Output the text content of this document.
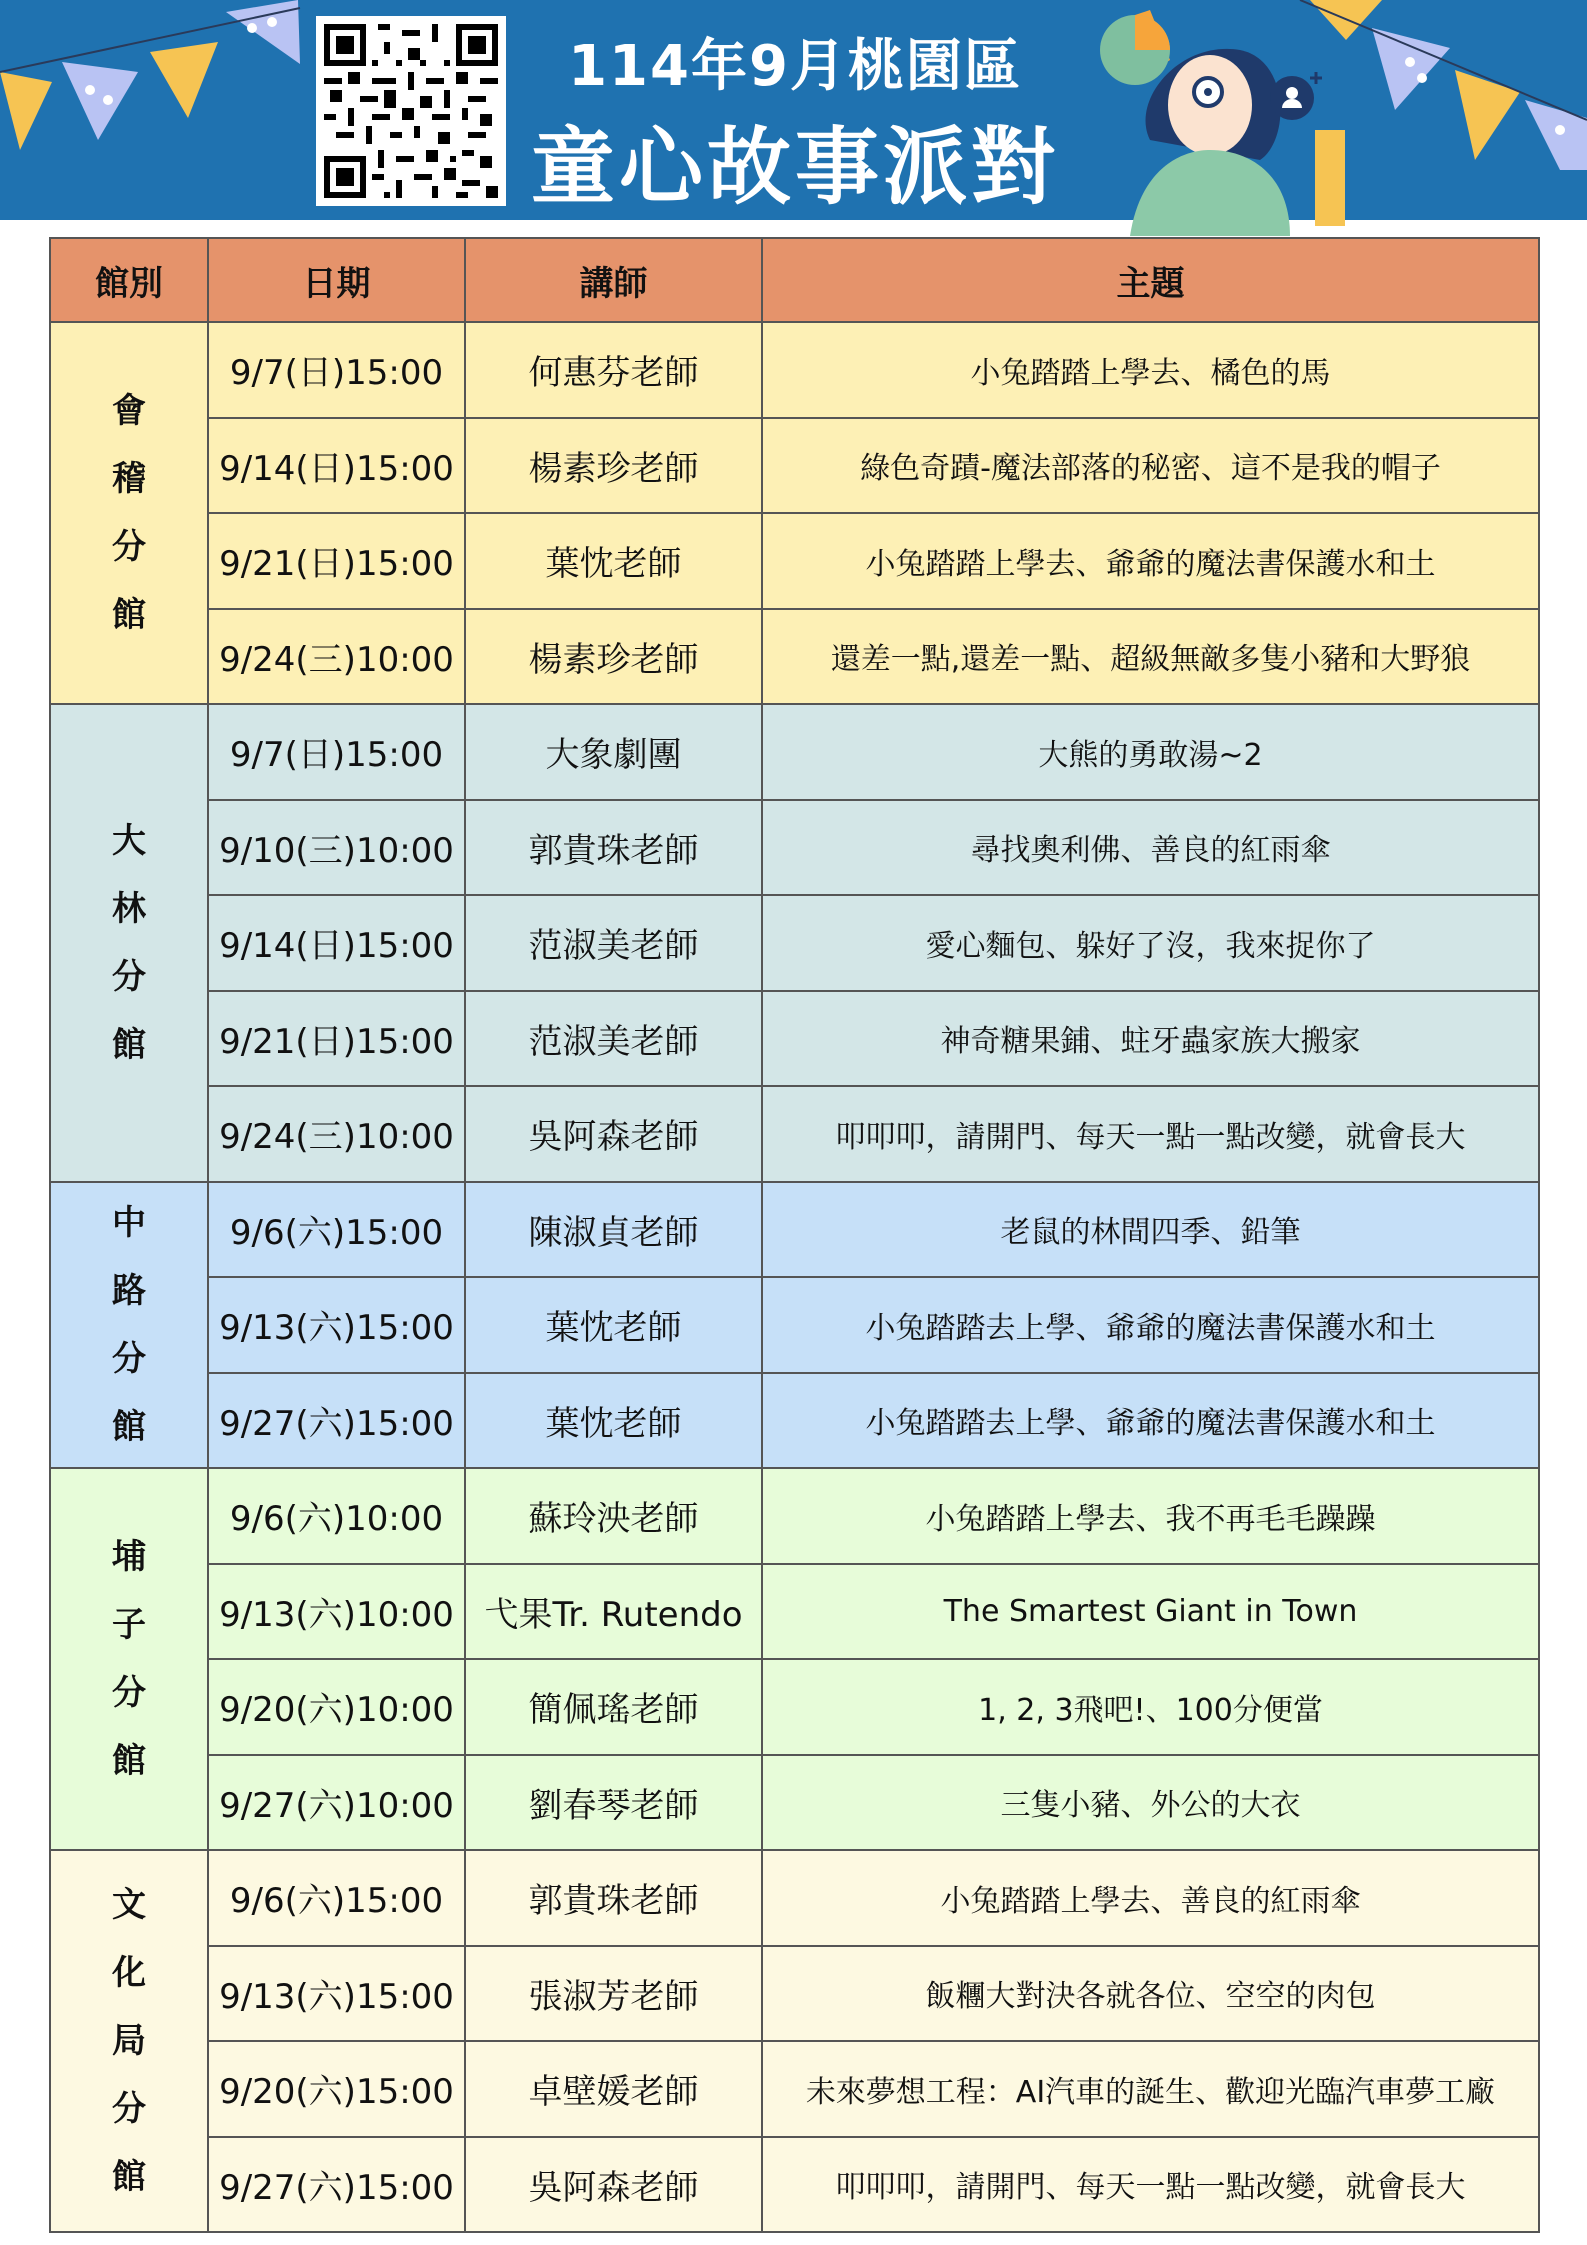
114年9月桃園區
童心故事派對
館別	日期	講師	主題

會
稽
分
館	9/7(日)15:00	何惠芬老師	小兔踏踏上學去、橘色的馬
	9/14(日)15:00	楊素珍老師	綠色奇蹟-魔法部落的秘密、這不是我的帽子
	9/21(日)15:00	葉忱老師	小兔踏踏上學去、爺爺的魔法書保護水和土
	9/24(三)10:00	楊素珍老師	還差一點,還差一點、超級無敵多隻小豬和大野狼

大
林
分
館	9/7(日)15:00	大象劇團	大熊的勇敢湯~2
	9/10(三)10:00	郭貴珠老師	尋找奧利佛、善良的紅雨傘
	9/14(日)15:00	范淑美老師	愛心麵包、躲好了沒，我來捉你了
	9/21(日)15:00	范淑美老師	神奇糖果鋪、蛀牙蟲家族大搬家
	9/24(三)10:00	吳阿森老師	叩叩叩，請開門、每天一點一點改變，就會長大

中
路
分
館	9/6(六)15:00	陳淑貞老師	老鼠的林間四季、鉛筆
	9/13(六)15:00	葉忱老師	小兔踏踏去上學、爺爺的魔法書保護水和土
	9/27(六)15:00	葉忱老師	小兔踏踏去上學、爺爺的魔法書保護水和土

埔
子
分
館	9/6(六)10:00	蘇玲泱老師	小兔踏踏上學去、我不再毛毛躁躁
	9/13(六)10:00	弋果Tr. Rutendo	The Smartest Giant in Town
	9/20(六)10:00	簡佩瑤老師	1, 2, 3飛吧!、100分便當
	9/27(六)10:00	劉春琴老師	三隻小豬、外公的大衣

文
化
局
分
館	9/6(六)15:00	郭貴珠老師	小兔踏踏上學去、善良的紅雨傘
	9/13(六)15:00	張淑芳老師	飯糰大對決各就各位、空空的肉包
	9/20(六)15:00	卓壁媛老師	未來夢想工程：AI汽車的誕生、歡迎光臨汽車夢工廠
	9/27(六)15:00	吳阿森老師	叩叩叩，請開門、每天一點一點改變，就會長大
